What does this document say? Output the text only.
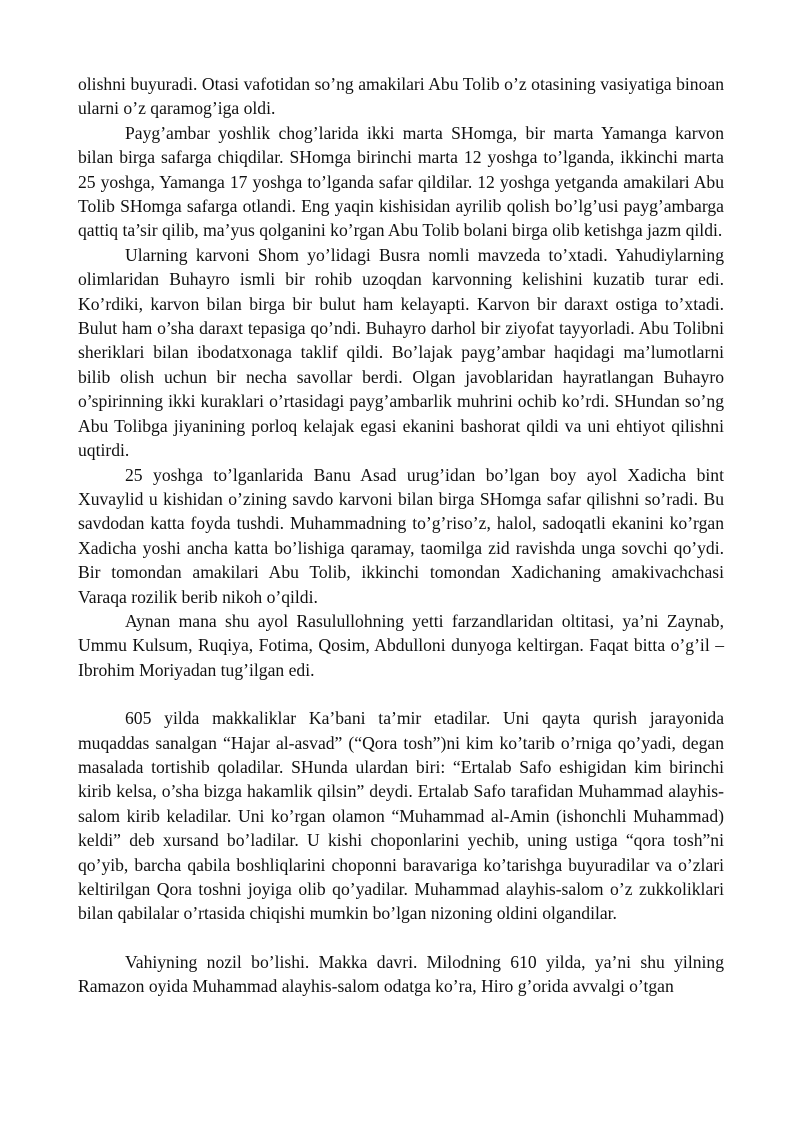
olishni buyuradi. Otasi vafotidan so’ng amakilari Abu Tolib o’z otasining vasiyatiga binoan ularni o’z qaramog’iga oldi.

Payg’ambar yoshlik chog’larida ikki marta SHomga, bir marta Yamanga karvon bilan birga safarga chiqdilar. SHomga birinchi marta 12 yoshga to’lganda, ikkinchi marta 25 yoshga, Yamanga 17 yoshga to’lganda safar qildilar. 12 yoshga yetganda amakilari Abu Tolib SHomga safarga otlandi. Eng yaqin kishisidan ayrilib qolish bo’lg’usi payg’ambarga qattiq ta’sir qilib, ma’yus qolganini ko’rgan Abu Tolib bolani birga olib ketishga jazm qildi.

Ularning karvoni Shom yo’lidagi Busra nomli mavzeda to’xtadi. Yahudiylarning olimlaridan Buhayro ismli bir rohib uzoqdan karvonning kelishini kuzatib turar edi. Ko’rdiki, karvon bilan birga bir bulut ham kelayapti. Karvon bir daraxt ostiga to’xtadi. Bulut ham o’sha daraxt tepasiga qo’ndi. Buhayro darhol bir ziyofat tayyorladi. Abu Tolibni sheriklari bilan ibodatxonaga taklif qildi. Bo’lajak payg’ambar haqidagi ma’lumotlarni bilib olish uchun bir necha savollar berdi. Olgan javoblaridan hayratlangan Buhayro o’spirinning ikki kuraklari o’rtasidagi payg’ambarlik muhrini ochib ko’rdi. SHundan so’ng Abu Tolibga jiyanining porloq kelajak egasi ekanini bashorat qildi va uni ehtiyot qilishni uqtirdi.

25 yoshga to’lganlarida Banu Asad urug’idan bo’lgan boy ayol Xadicha bint Xuvaylid u kishidan o’zining savdo karvoni bilan birga SHomga safar qilishni so’radi. Bu savdodan katta foyda tushdi. Muhammadning to’g’riso’z, halol, sadoqatli ekanini ko’rgan Xadicha yoshi ancha katta bo’lishiga qaramay, taomilga zid ravishda unga sovchi qo’ydi. Bir tomondan amakilari Abu Tolib, ikkinchi tomondan Xadichaning amakivachchasi Varaqa rozilik berib nikoh o’qildi.

Aynan mana shu ayol Rasulullohning yetti farzandlaridan oltitasi, ya’ni Zaynab, Ummu Kulsum, Ruqiya, Fotima, Qosim, Abdulloni dunyoga keltirgan. Faqat bitta o’g’il – Ibrohim Moriyadan tug’ilgan edi.

605 yilda makkaliklar Ka’bani ta’mir etadilar. Uni qayta qurish jarayonida muqaddas sanalgan “Hajar al-asvad” (“Qora tosh”)ni kim ko’tarib o’rniga qo’yadi, degan masalada tortishib qoladilar. SHunda ulardan biri: “Ertalab Safo eshigidan kim birinchi kirib kelsa, o’sha bizga hakamlik qilsin” deydi. Ertalab Safo tarafidan Muhammad alayhis-salom kirib keladilar. Uni ko’rgan olamon “Muhammad al-Amin (ishonchli Muhammad) keldi” deb xursand bo’ladilar. U kishi choponlarini yechib, uning ustiga “qora tosh”ni qo’yib, barcha qabila boshliqlarini choponni baravariga ko’tarishga buyuradilar va o’zlari keltirilgan Qora toshni joyiga olib qo’yadilar. Muhammad alayhis-salom o’z zukkoliklari bilan qabilalar o’rtasida chiqishi mumkin bo’lgan nizoning oldini olgandilar.

Vahiyning nozil bo’lishi. Makka davri. Milodning 610 yilda, ya’ni shu yilning Ramazon oyida Muhammad alayhis-salom odatga ko’ra, Hiro g’orida avvalgi o’tgan
